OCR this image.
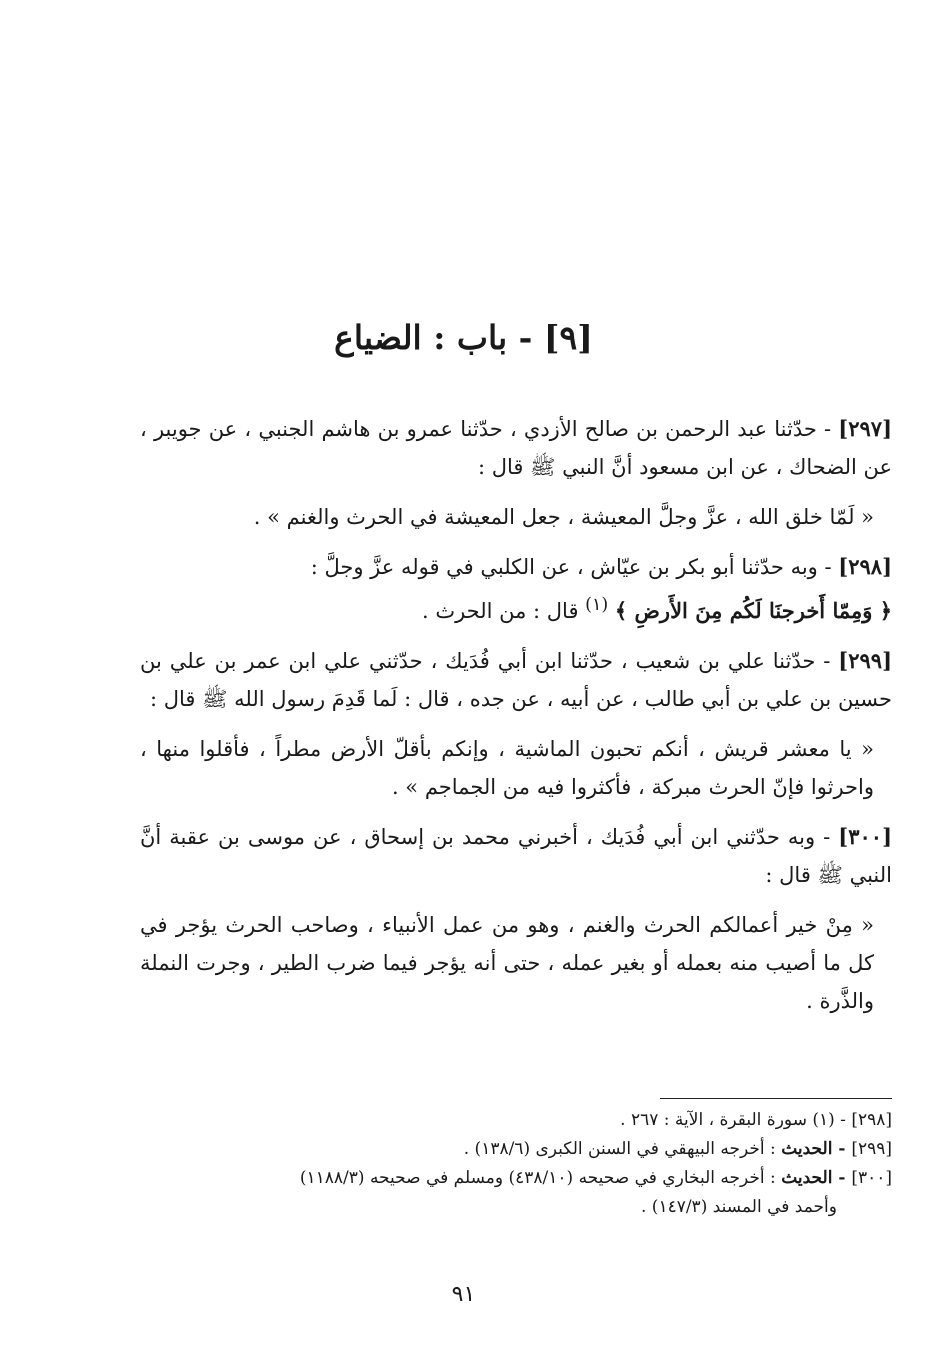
[٩] - باب : الضياع

[٢٩٧] - حدّثنا عبد الرحمن بن صالح الأزدي ، حدّثنا عمرو بن هاشم الجنبي ، عن جويبر ، عن الضحاك ، عن ابن مسعود أنَّ النبي ﷺ قال :

« لَمّا خلق الله ، عزَّ وجلَّ المعيشة ، جعل المعيشة في الحرث والغنم » .

[٢٩٨] - وبه حدّثنا أبو بكر بن عيّاش ، عن الكلبي في قوله عزَّ وجلَّ :
﴿ وَمِمّا أَخرجنَا لَكُم مِنَ الأَرضِ ﴾ $^{(١)}$ قال : من الحرث .

[٢٩٩] - حدّثنا علي بن شعيب ، حدّثنا ابن أبي فُدَيك ، حدّثني علي ابن عمر بن علي بن حسين بن علي بن أبي طالب ، عن أبيه ، عن جده ، قال : لَما قَدِمَ رسول الله ﷺ قال :

« يا معشر قريش ، أنكم تحبون الماشية ، وإنكم بأقلّ الأرض مطراً ، فأقلوا منها ، واحرثوا فإنّ الحرث مبركة ، فأكثروا فيه من الجماجم » .

[٣٠٠] - وبه حدّثني ابن أبي فُدَيك ، أخبرني محمد بن إسحاق ، عن موسى بن عقبة أنَّ النبي ﷺ قال :

« مِنْ خير أعمالكم الحرث والغنم ، وهو من عمل الأنبياء ، وصاحب الحرث يؤجر في كل ما أصيب منه بعمله أو بغير عمله ، حتى أنه يؤجر فيما ضرب الطير ، وجرت النملة والذَّرة .

[٢٩٨] - (١) سورة البقرة ، الآية : ٢٦٧ .

[٢٩٩] - الحديث : أخرجه البيهقي في السنن الكبرى (١٣٨/٦) .

[٣٠٠] - الحديث : أخرجه البخاري في صحيحه (٤٣٨/١٠) ومسلم في صحيحه (١١٨٨/٣)

وأحمد في المسند (١٤٧/٣) .

٩١
